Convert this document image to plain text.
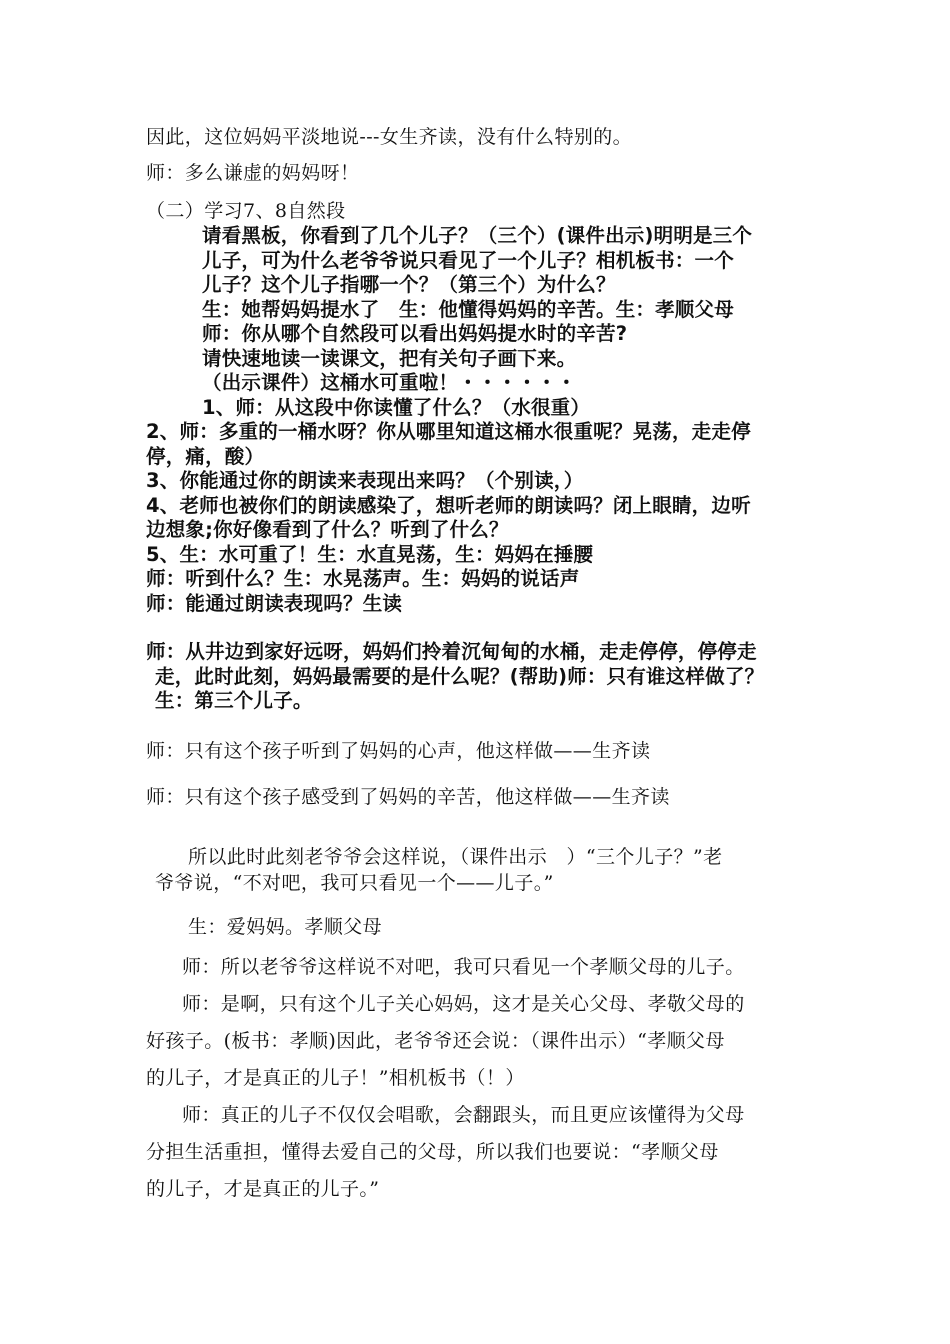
因此，这位妈妈平淡地说---女生齐读，没有什么特别的。
师：多么谦虚的妈妈呀！
（二）学习7、8自然段
请看黑板，你看到了几个儿子？（三个）(课件出示)明明是三个
儿子，可为什么老爷爷说只看见了一个儿子？相机板书：一个
儿子？这个儿子指哪一个？（第三个）为什么？
生：她帮妈妈提水了　生：他懂得妈妈的辛苦。生：孝顺父母
师：你从哪个自然段可以看出妈妈提水时的辛苦?
请快速地读一读课文，把有关句子画下来。
（出示课件）这桶水可重啦！・・・・・・
1、师：从这段中你读懂了什么？（水很重）
2、师：多重的一桶水呀？你从哪里知道这桶水很重呢？晃荡，走走停
停，痛，酸）
3、你能通过你的朗读来表现出来吗？（个别读，）
4、老师也被你们的朗读感染了，想听老师的朗读吗？闭上眼睛，边听
边想象;你好像看到了什么？听到了什么？
5、生：水可重了！生：水直晃荡，生：妈妈在捶腰
师：听到什么？生：水晃荡声。生：妈妈的说话声
师：能通过朗读表现吗？生读
师：从井边到家好远呀，妈妈们拎着沉甸甸的水桶，走走停停，停停走
走，此时此刻，妈妈最需要的是什么呢？(帮助)师：只有谁这样做了？
生：第三个儿子。
师：只有这个孩子听到了妈妈的心声，他这样做——生齐读
师：只有这个孩子感受到了妈妈的辛苦，他这样做——生齐读
所以此时此刻老爷爷会这样说，（课件出示　）“三个儿子？”老
爷爷说，“不对吧，我可只看见一个——儿子。”
生：爱妈妈。孝顺父母
师：所以老爷爷这样说不对吧，我可只看见一个孝顺父母的儿子。
师：是啊，只有这个儿子关心妈妈，这才是关心父母、孝敬父母的
好孩子。(板书：孝顺)因此，老爷爷还会说：（课件出示）“孝顺父母
的儿子，才是真正的儿子！”相机板书（！）
师：真正的儿子不仅仅会唱歌，会翻跟头，而且更应该懂得为父母
分担生活重担，懂得去爱自己的父母，所以我们也要说：“孝顺父母
的儿子，才是真正的儿子。”
